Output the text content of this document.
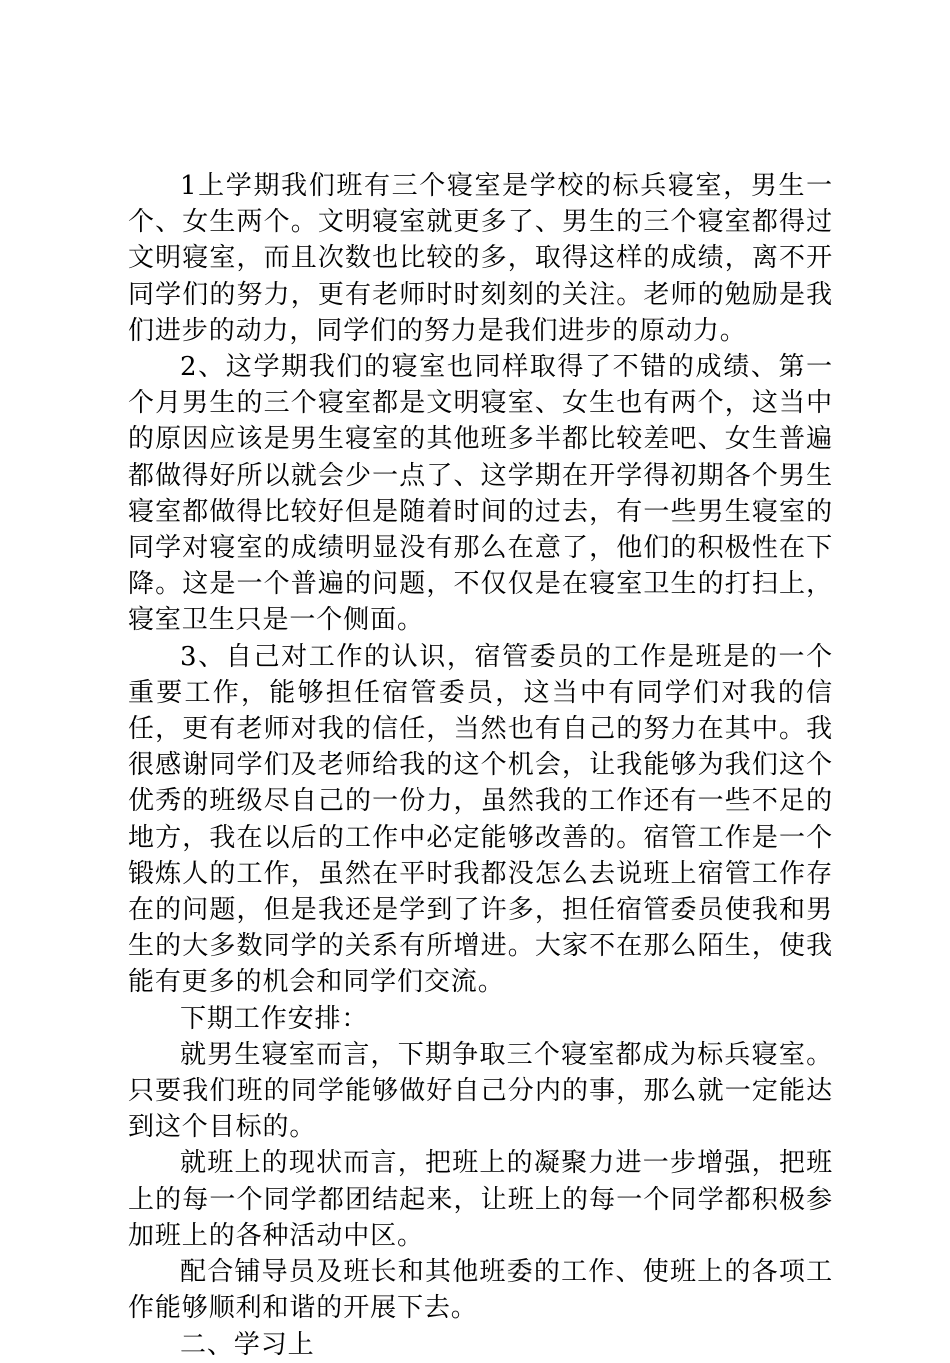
1上学期我们班有三个寝室是学校的标兵寝室，男生一个、女生两个。文明寝室就更多了、男生的三个寝室都得过文明寝室，而且次数也比较的多，取得这样的成绩，离不开同学们的努力，更有老师时时刻刻的关注。老师的勉励是我们进步的动力，同学们的努力是我们进步的原动力。

2、这学期我们的寝室也同样取得了不错的成绩、第一个月男生的三个寝室都是文明寝室、女生也有两个，这当中的原因应该是男生寝室的其他班多半都比较差吧、女生普遍都做得好所以就会少一点了、这学期在开学得初期各个男生寝室都做得比较好但是随着时间的过去，有一些男生寝室的同学对寝室的成绩明显没有那么在意了，他们的积极性在下降。这是一个普遍的问题，不仅仅是在寝室卫生的打扫上，寝室卫生只是一个侧面。

3、自己对工作的认识，宿管委员的工作是班是的一个重要工作，能够担任宿管委员，这当中有同学们对我的信任，更有老师对我的信任，当然也有自己的努力在其中。我很感谢同学们及老师给我的这个机会，让我能够为我们这个优秀的班级尽自己的一份力，虽然我的工作还有一些不足的地方，我在以后的工作中必定能够改善的。宿管工作是一个锻炼人的工作，虽然在平时我都没怎么去说班上宿管工作存在的问题，但是我还是学到了许多，担任宿管委员使我和男生的大多数同学的关系有所增进。大家不在那么陌生，使我能有更多的机会和同学们交流。

下期工作安排：

就男生寝室而言，下期争取三个寝室都成为标兵寝室。只要我们班的同学能够做好自己分内的事，那么就一定能达到这个目标的。

就班上的现状而言，把班上的凝聚力进一步增强，把班上的每一个同学都团结起来，让班上的每一个同学都积极参加班上的各种活动中区。

配合铺导员及班长和其他班委的工作、使班上的各项工作能够顺利和谐的开展下去。

二、学习上
